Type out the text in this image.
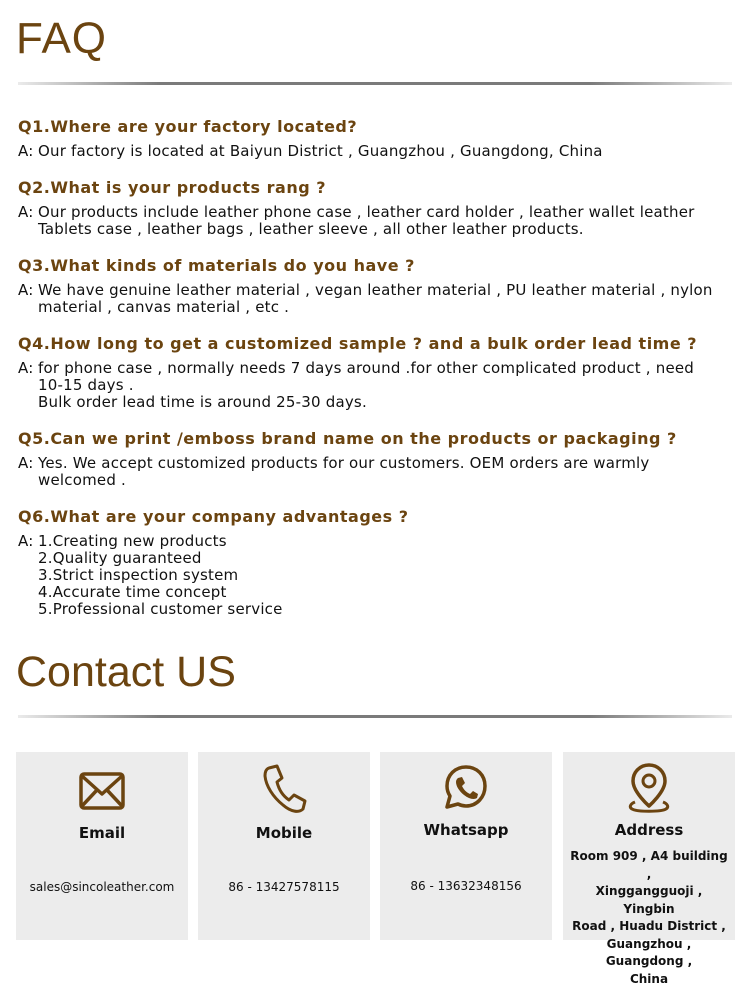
FAQ
Q1.Where are your factory located?
A: Our factory is located at Baiyun District , Guangzhou , Guangdong, China
Q2.What is your products rang ?
A: Our products include leather phone case , leather card holder , leather wallet leather
Tablets case , leather bags , leather sleeve , all other leather products.
Q3.What kinds of materials do you have ?
A: We have genuine leather material , vegan leather material , PU leather material , nylon
material , canvas material , etc .
Q4.How long to get a customized sample ? and a bulk order lead time ?
A: for phone case , normally needs 7 days around .for other complicated product , need
10-15 days .
Bulk order lead time is around 25-30 days.
Q5.Can we print /emboss brand name on the products or packaging ?
A: Yes. We accept customized products for our customers. OEM orders are warmly
welcomed .
Q6.What are your company advantages ?
A: 1.Creating new products
2.Quality guaranteed
3.Strict inspection system
4.Accurate time concept
5.Professional customer service
Contact US
Email
sales@sincoleather.com
Mobile
86 - 13427578115
Whatsapp
86 - 13632348156
Address
Room 909 , A4 building ,
Xinggangguoji , Yingbin
Road , Huadu District ,
Guangzhou , Guangdong ,
China
